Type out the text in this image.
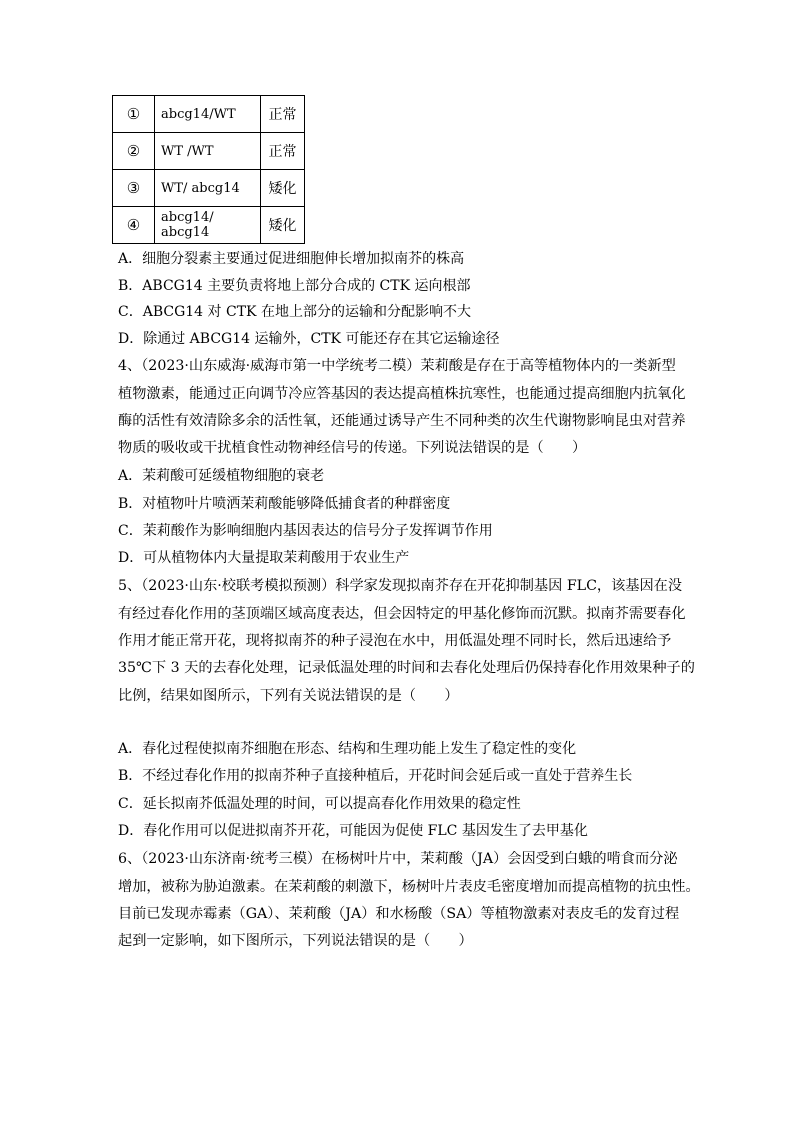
①	abcg14/WT	正常
②	WT /WT	正常
③	WT/ abcg14	矮化
④	abcg14/ abcg14	矮化
A．细胞分裂素主要通过促进细胞伸长增加拟南芥的株高
B．ABCG14 主要负责将地上部分合成的 CTK 运向根部
C．ABCG14 对 CTK 在地上部分的运输和分配影响不大
D．除通过 ABCG14 运输外，CTK 可能还存在其它运输途径
4、（2023·山东威海·威海市第一中学统考二模）茉莉酸是存在于高等植物体内的一类新型
植物激素，能通过正向调节冷应答基因的表达提高植株抗寒性，也能通过提高细胞内抗氧化
酶的活性有效清除多余的活性氧，还能通过诱导产生不同种类的次生代谢物影响昆虫对营养
物质的吸收或干扰植食性动物神经信号的传递。下列说法错误的是（　　）
A．茉莉酸可延缓植物细胞的衰老
B．对植物叶片喷洒茉莉酸能够降低捕食者的种群密度
C．茉莉酸作为影响细胞内基因表达的信号分子发挥调节作用
D．可从植物体内大量提取茉莉酸用于农业生产
5、（2023·山东·校联考模拟预测）科学家发现拟南芥存在开花抑制基因 FLC，该基因在没
有经过春化作用的茎顶端区域高度表达，但会因特定的甲基化修饰而沉默。拟南芥需要春化
作用才能正常开花，现将拟南芥的种子浸泡在水中，用低温处理不同时长，然后迅速给予
35℃下 3 天的去春化处理，记录低温处理的时间和去春化处理后仍保持春化作用效果种子的
比例，结果如图所示，下列有关说法错误的是（　　）
A．春化过程使拟南芥细胞在形态、结构和生理功能上发生了稳定性的变化
B．不经过春化作用的拟南芥种子直接种植后，开花时间会延后或一直处于营养生长
C．延长拟南芥低温处理的时间，可以提高春化作用效果的稳定性
D．春化作用可以促进拟南芥开花，可能因为促使 FLC 基因发生了去甲基化
6、（2023·山东济南·统考三模）在杨树叶片中，茉莉酸（JA）会因受到白蛾的啃食而分泌
增加，被称为胁迫激素。在茉莉酸的刺激下，杨树叶片表皮毛密度增加而提高植物的抗虫性。
目前已发现赤霉素（GA）、茉莉酸（JA）和水杨酸（SA）等植物激素对表皮毛的发育过程
起到一定影响，如下图所示，下列说法错误的是（　　）
